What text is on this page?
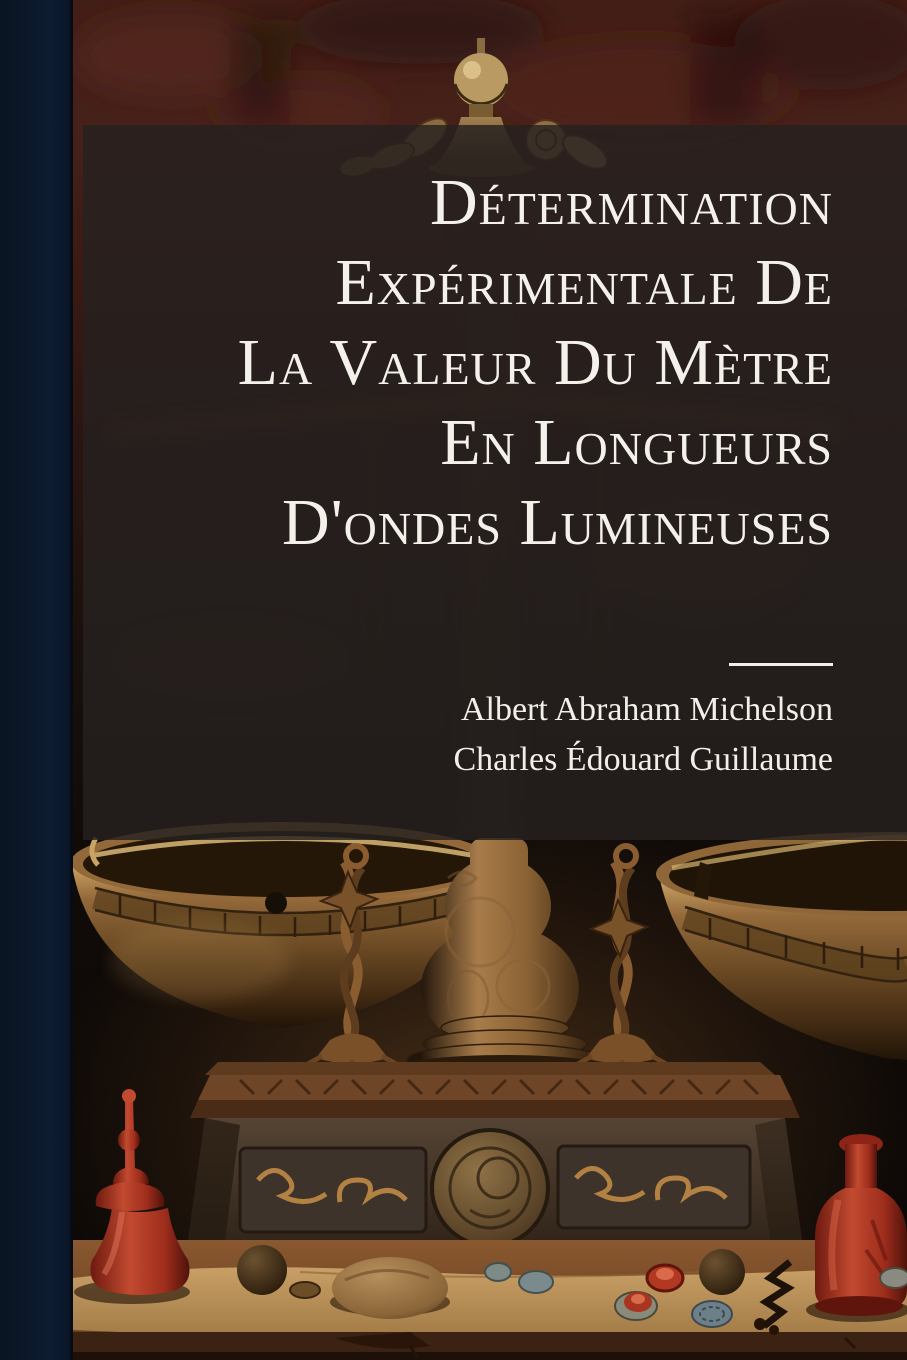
Détermination
Expérimentale De
La Valeur Du Mètre
En Longueurs
D'ondes Lumineuses
Albert Abraham Michelson
Charles Édouard Guillaume
